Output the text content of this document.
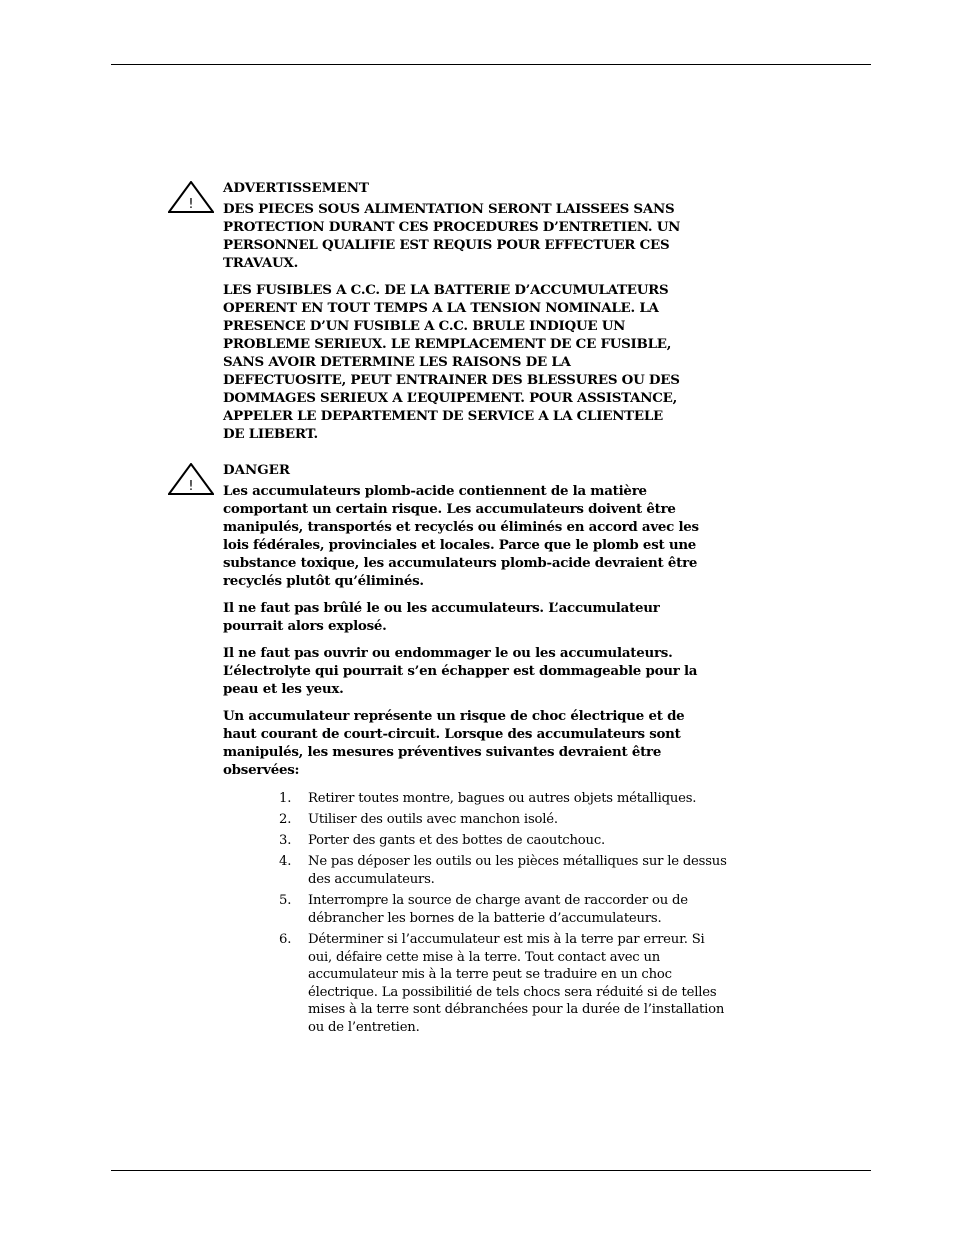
!

ADVERTISSEMENT

DES PIECES SOUS ALIMENTATION SERONT LAISSEES SANS
PROTECTION DURANT CES PROCEDURES D’ENTRETIEN. UN
PERSONNEL QUALIFIE EST REQUIS POUR EFFECTUER CES
TRAVAUX.

LES FUSIBLES A C.C. DE LA BATTERIE D’ACCUMULATEURS
OPERENT EN TOUT TEMPS A LA TENSION NOMINALE. LA
PRESENCE D’UN FUSIBLE A C.C. BRULE INDIQUE UN
PROBLEME SERIEUX. LE REMPLACEMENT DE CE FUSIBLE,
SANS AVOIR DETERMINE LES RAISONS DE LA
DEFECTUOSITE, PEUT ENTRAINER DES BLESSURES OU DES
DOMMAGES SERIEUX A L’EQUIPEMENT. POUR ASSISTANCE,
APPELER LE DEPARTEMENT DE SERVICE A LA CLIENTELE
DE LIEBERT.

!

DANGER

Les accumulateurs plomb-acide contiennent de la matière
comportant un certain risque. Les accumulateurs doivent être
manipulés, transportés et recyclés ou éliminés en accord avec les
lois fédérales, provinciales et locales. Parce que le plomb est une
substance toxique, les accumulateurs plomb-acide devraient être
recyclés plutôt qu’éliminés.

Il ne faut pas brûlé le ou les accumulateurs. L’accumulateur
pourrait alors explosé.

Il ne faut pas ouvrir ou endommager le ou les accumulateurs.
L’électrolyte qui pourrait s’en échapper est dommageable pour la
peau et les yeux.

Un accumulateur représente un risque de choc électrique et de
haut courant de court-circuit. Lorsque des accumulateurs sont
manipulés, les mesures préventives suivantes devraient être
observées:

1. Retirer toutes montre, bagues ou autres objets métalliques.
2. Utiliser des outils avec manchon isolé.
3. Porter des gants et des bottes de caoutchouc.
4. Ne pas déposer les outils ou les pièces métalliques sur le dessus
des accumulateurs.
5. Interrompre la source de charge avant de raccorder ou de
débrancher les bornes de la batterie d’accumulateurs.
6. Déterminer si l’accumulateur est mis à la terre par erreur. Si
oui, défaire cette mise à la terre. Tout contact avec un
accumulateur mis à la terre peut se traduire en un choc
électrique. La possibilitié de tels chocs sera réduité si de telles
mises à la terre sont débranchées pour la durée de l’installation
ou de l’entretien.
